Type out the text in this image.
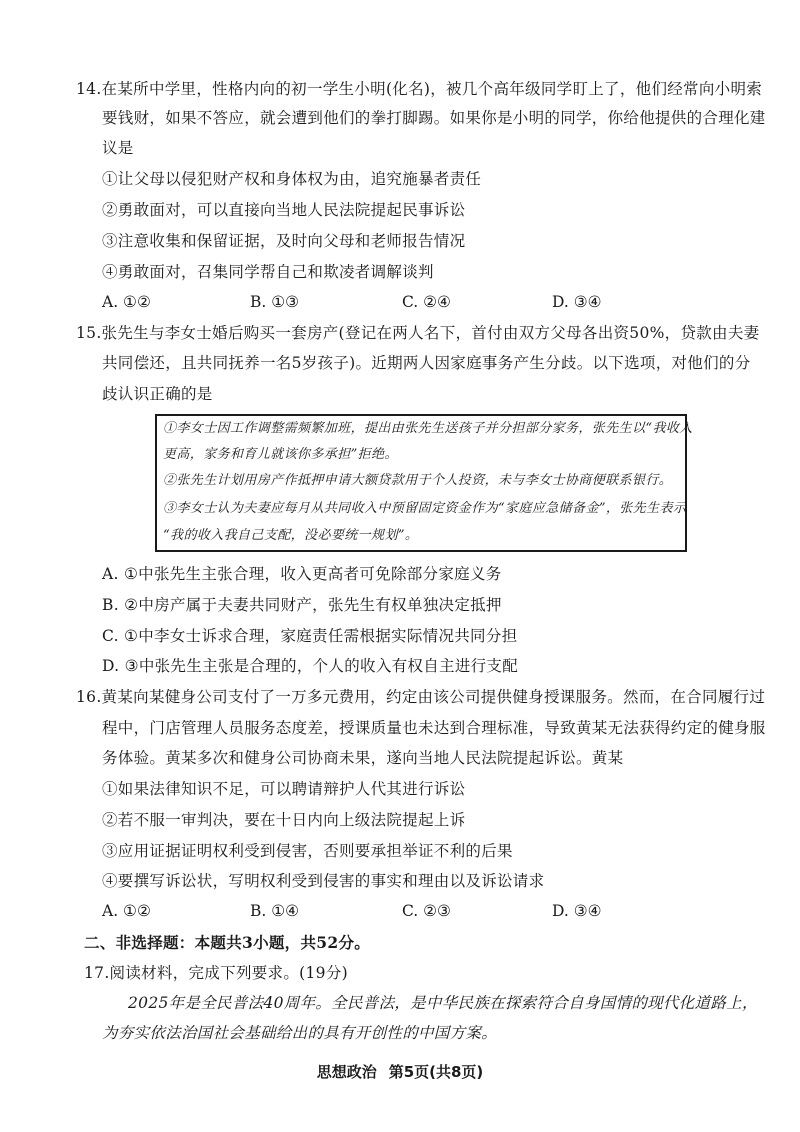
14.在某所中学里，性格内向的初一学生小明(化名)，被几个高年级同学盯上了，他们经常向小明索
要钱财，如果不答应，就会遭到他们的拳打脚踢。如果你是小明的同学，你给他提供的合理化建
议是
①让父母以侵犯财产权和身体权为由，追究施暴者责任
②勇敢面对，可以直接向当地人民法院提起民事诉讼
③注意收集和保留证据，及时向父母和老师报告情况
④勇敢面对，召集同学帮自己和欺凌者调解谈判
A. ①②	B. ①③	C. ②④	D. ③④
15.张先生与李女士婚后购买一套房产(登记在两人名下，首付由双方父母各出资50%，贷款由夫妻
共同偿还，且共同抚养一名5岁孩子)。近期两人因家庭事务产生分歧。以下选项，对他们的分
歧认识正确的是
①李女士因工作调整需频繁加班，提出由张先生送孩子并分担部分家务，张先生以“我收入
更高，家务和育儿就该你多承担”拒绝。
②张先生计划用房产作抵押申请大额贷款用于个人投资，未与李女士协商便联系银行。
③李女士认为夫妻应每月从共同收入中预留固定资金作为“家庭应急储备金”，张先生表示
“我的收入我自己支配，没必要统一规划”。
A. ①中张先生主张合理，收入更高者可免除部分家庭义务
B. ②中房产属于夫妻共同财产，张先生有权单独决定抵押
C. ①中李女士诉求合理，家庭责任需根据实际情况共同分担
D. ③中张先生主张是合理的，个人的收入有权自主进行支配
16.黄某向某健身公司支付了一万多元费用，约定由该公司提供健身授课服务。然而，在合同履行过
程中，门店管理人员服务态度差，授课质量也未达到合理标准，导致黄某无法获得约定的健身服
务体验。黄某多次和健身公司协商未果，遂向当地人民法院提起诉讼。黄某
①如果法律知识不足，可以聘请辩护人代其进行诉讼
②若不服一审判决，要在十日内向上级法院提起上诉
③应用证据证明权利受到侵害，否则要承担举证不利的后果
④要撰写诉讼状，写明权利受到侵害的事实和理由以及诉讼请求
A. ①②	B. ①④	C. ②③	D. ③④
二、非选择题：本题共3小题，共52分。
17.阅读材料，完成下列要求。(19分)
2025年是全民普法40周年。全民普法，是中华民族在探索符合自身国情的现代化道路上，
为夯实依法治国社会基础给出的具有开创性的中国方案。
思想政治 第5页(共8页)
